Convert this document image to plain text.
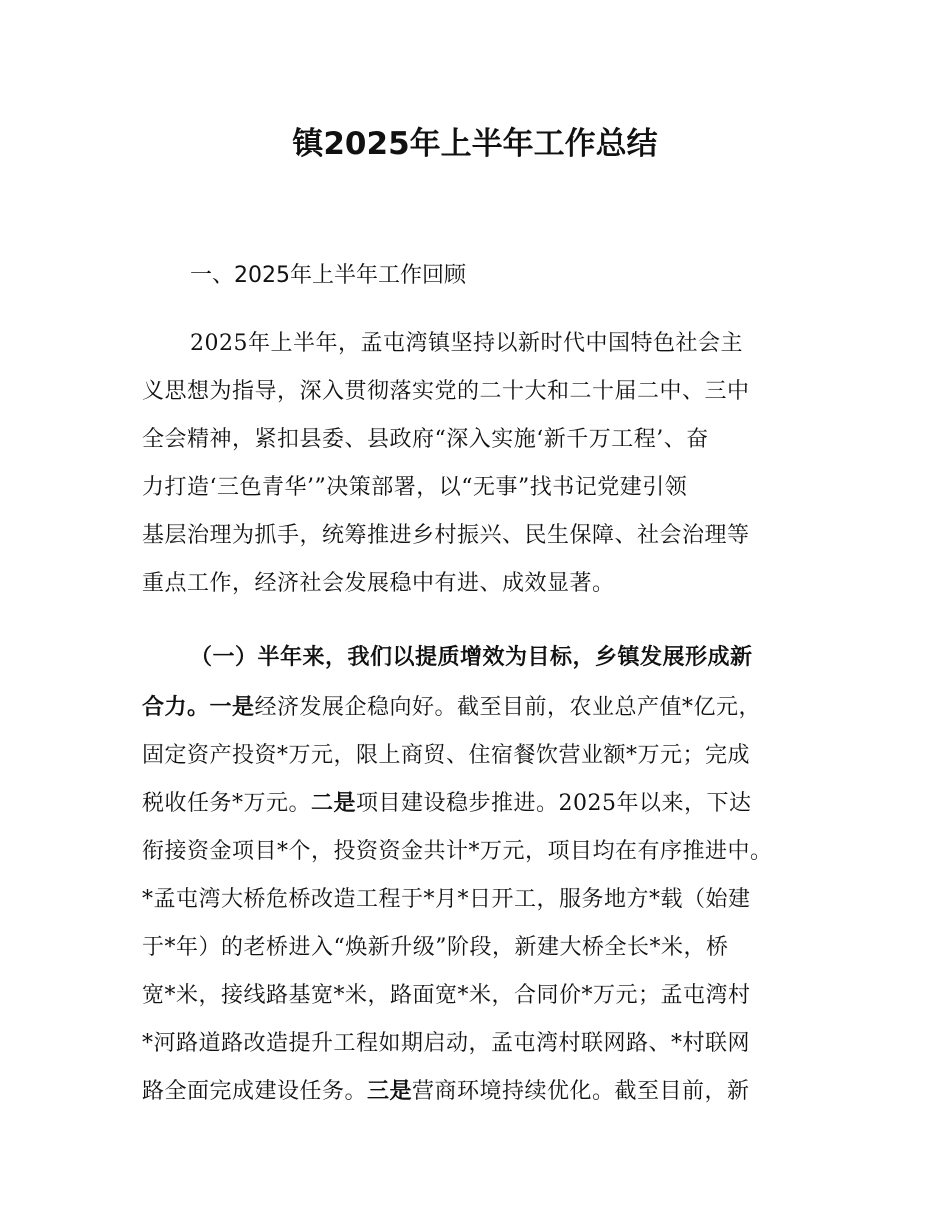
镇2025年上半年工作总结

一、2025年上半年工作回顾

2025年上半年，孟屯湾镇坚持以新时代中国特色社会主

义思想为指导，深入贯彻落实党的二十大和二十届二中、三中

全会精神，紧扣县委、县政府“深入实施‘新千万工程’、奋

力打造‘三色青华’”决策部署，以“无事”找书记党建引领

基层治理为抓手，统筹推进乡村振兴、民生保障、社会治理等

重点工作，经济社会发展稳中有进、成效显著。

（一）半年来，我们以提质增效为目标，乡镇发展形成新

合力。一是经济发展企稳向好。截至目前，农业总产值*亿元，

固定资产投资*万元，限上商贸、住宿餐饮营业额*万元；完成

税收任务*万元。二是项目建设稳步推进。2025年以来，下达

衔接资金项目*个，投资资金共计*万元，项目均在有序推进中。

*孟屯湾大桥危桥改造工程于*月*日开工，服务地方*载（始建

于*年）的老桥进入“焕新升级”阶段，新建大桥全长*米，桥

宽*米，接线路基宽*米，路面宽*米，合同价*万元；孟屯湾村

*河路道路改造提升工程如期启动，孟屯湾村联网路、*村联网

路全面完成建设任务。三是营商环境持续优化。截至目前，新
